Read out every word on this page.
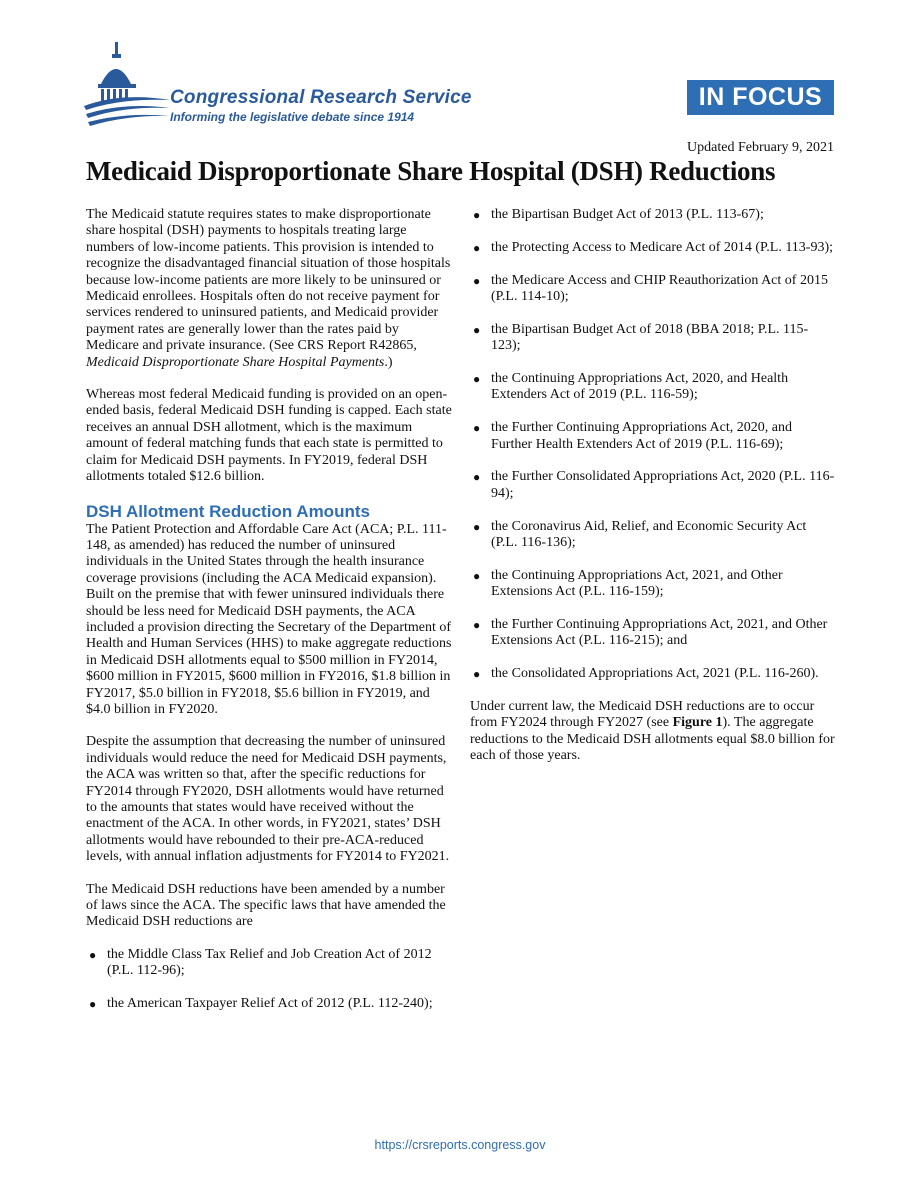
Congressional Research Service
Informing the legislative debate since 1914
IN FOCUS
Updated February 9, 2021
Medicaid Disproportionate Share Hospital (DSH) Reductions

The Medicaid statute requires states to make disproportionate share hospital (DSH) payments to hospitals treating large numbers of low-income patients. This provision is intended to recognize the disadvantaged financial situation of those hospitals because low-income patients are more likely to be uninsured or Medicaid enrollees. Hospitals often do not receive payment for services rendered to uninsured patients, and Medicaid provider payment rates are generally lower than the rates paid by Medicare and private insurance. (See CRS Report R42865, Medicaid Disproportionate Share Hospital Payments.)

Whereas most federal Medicaid funding is provided on an open-ended basis, federal Medicaid DSH funding is capped. Each state receives an annual DSH allotment, which is the maximum amount of federal matching funds that each state is permitted to claim for Medicaid DSH payments. In FY2019, federal DSH allotments totaled $12.6 billion.

DSH Allotment Reduction Amounts

The Patient Protection and Affordable Care Act (ACA; P.L. 111-148, as amended) has reduced the number of uninsured individuals in the United States through the health insurance coverage provisions (including the ACA Medicaid expansion). Built on the premise that with fewer uninsured individuals there should be less need for Medicaid DSH payments, the ACA included a provision directing the Secretary of the Department of Health and Human Services (HHS) to make aggregate reductions in Medicaid DSH allotments equal to $500 million in FY2014, $600 million in FY2015, $600 million in FY2016, $1.8 billion in FY2017, $5.0 billion in FY2018, $5.6 billion in FY2019, and $4.0 billion in FY2020.

Despite the assumption that decreasing the number of uninsured individuals would reduce the need for Medicaid DSH payments, the ACA was written so that, after the specific reductions for FY2014 through FY2020, DSH allotments would have returned to the amounts that states would have received without the enactment of the ACA. In other words, in FY2021, states’ DSH allotments would have rebounded to their pre-ACA-reduced levels, with annual inflation adjustments for FY2014 to FY2021.

The Medicaid DSH reductions have been amended by a number of laws since the ACA. The specific laws that have amended the Medicaid DSH reductions are

● the Middle Class Tax Relief and Job Creation Act of 2012 (P.L. 112-96);
● the American Taxpayer Relief Act of 2012 (P.L. 112-240);
● the Bipartisan Budget Act of 2013 (P.L. 113-67);
● the Protecting Access to Medicare Act of 2014 (P.L. 113-93);
● the Medicare Access and CHIP Reauthorization Act of 2015 (P.L. 114-10);
● the Bipartisan Budget Act of 2018 (BBA 2018; P.L. 115-123);
● the Continuing Appropriations Act, 2020, and Health Extenders Act of 2019 (P.L. 116-59);
● the Further Continuing Appropriations Act, 2020, and Further Health Extenders Act of 2019 (P.L. 116-69);
● the Further Consolidated Appropriations Act, 2020 (P.L. 116-94);
● the Coronavirus Aid, Relief, and Economic Security Act (P.L. 116-136);
● the Continuing Appropriations Act, 2021, and Other Extensions Act (P.L. 116-159);
● the Further Continuing Appropriations Act, 2021, and Other Extensions Act (P.L. 116-215); and
● the Consolidated Appropriations Act, 2021 (P.L. 116-260).

Under current law, the Medicaid DSH reductions are to occur from FY2024 through FY2027 (see Figure 1). The aggregate reductions to the Medicaid DSH allotments equal $8.0 billion for each of those years.

https://crsreports.congress.gov
